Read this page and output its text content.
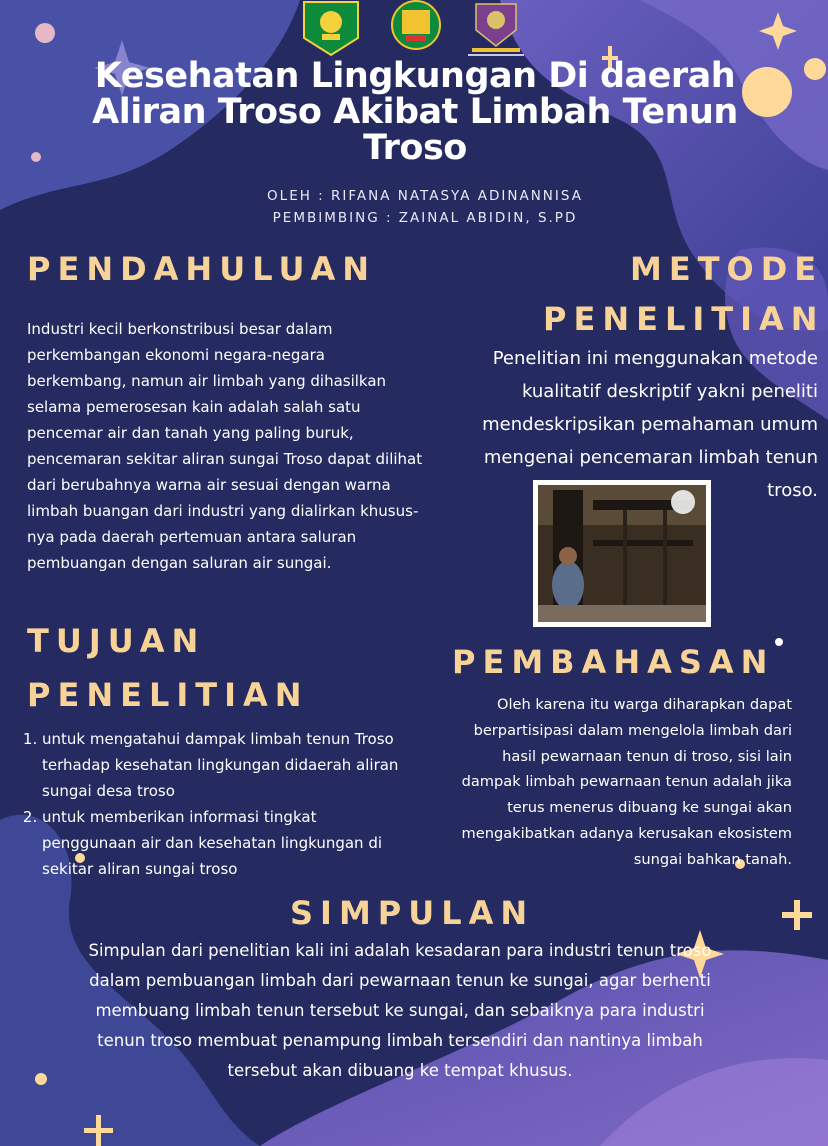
Kesehatan Lingkungan Di daerah Aliran Troso Akibat Limbah Tenun Troso
OLEH : RIFANA NATASYA ADINANNISA
PEMBIMBING : ZAINAL ABIDIN, S.PD
PENDAHULUAN

Industri kecil berkonstribusi besar dalam perkembangan ekonomi negara-negara berkembang, namun air limbah yang dihasilkan selama pemerosesan kain adalah salah satu pencemar air dan tanah yang paling buruk, pencemaran sekitar aliran sungai Troso dapat dilihat dari berubahnya warna air sesuai dengan warna limbah buangan dari industri yang dialirkan khususnya pada daerah pertemuan antara saluran pembuangan dengan saluran air sungai.

METODE
PENELITIAN
Penelitian ini menggunakan metode kualitatif deskriptif yakni peneliti mendeskripsikan pemahaman umum mengenai pencemaran limbah tenun troso.
TUJUAN
PENELITIAN
1. untuk mengatahui dampak limbah tenun Troso terhadap kesehatan lingkungan didaerah aliran sungai desa troso
2. untuk memberikan informasi tingkat penggunaan air dan kesehatan lingkungan di sekitar aliran sungai troso
PEMBAHASAN
Oleh karena itu warga diharapkan dapat berpartisipasi dalam mengelola limbah dari hasil pewarnaan tenun di troso, sisi lain dampak limbah pewarnaan tenun adalah jika terus menerus dibuang ke sungai akan mengakibatkan adanya kerusakan ekosistem sungai bahkan tanah.
SIMPULAN
Simpulan dari penelitian kali ini adalah kesadaran para industri tenun troso dalam pembuangan limbah dari pewarnaan tenun ke sungai, agar berhenti membuang limbah tenun tersebut ke sungai, dan sebaiknya para industri tenun troso membuat penampung limbah tersendiri dan nantinya limbah tersebut akan dibuang ke tempat khusus.
